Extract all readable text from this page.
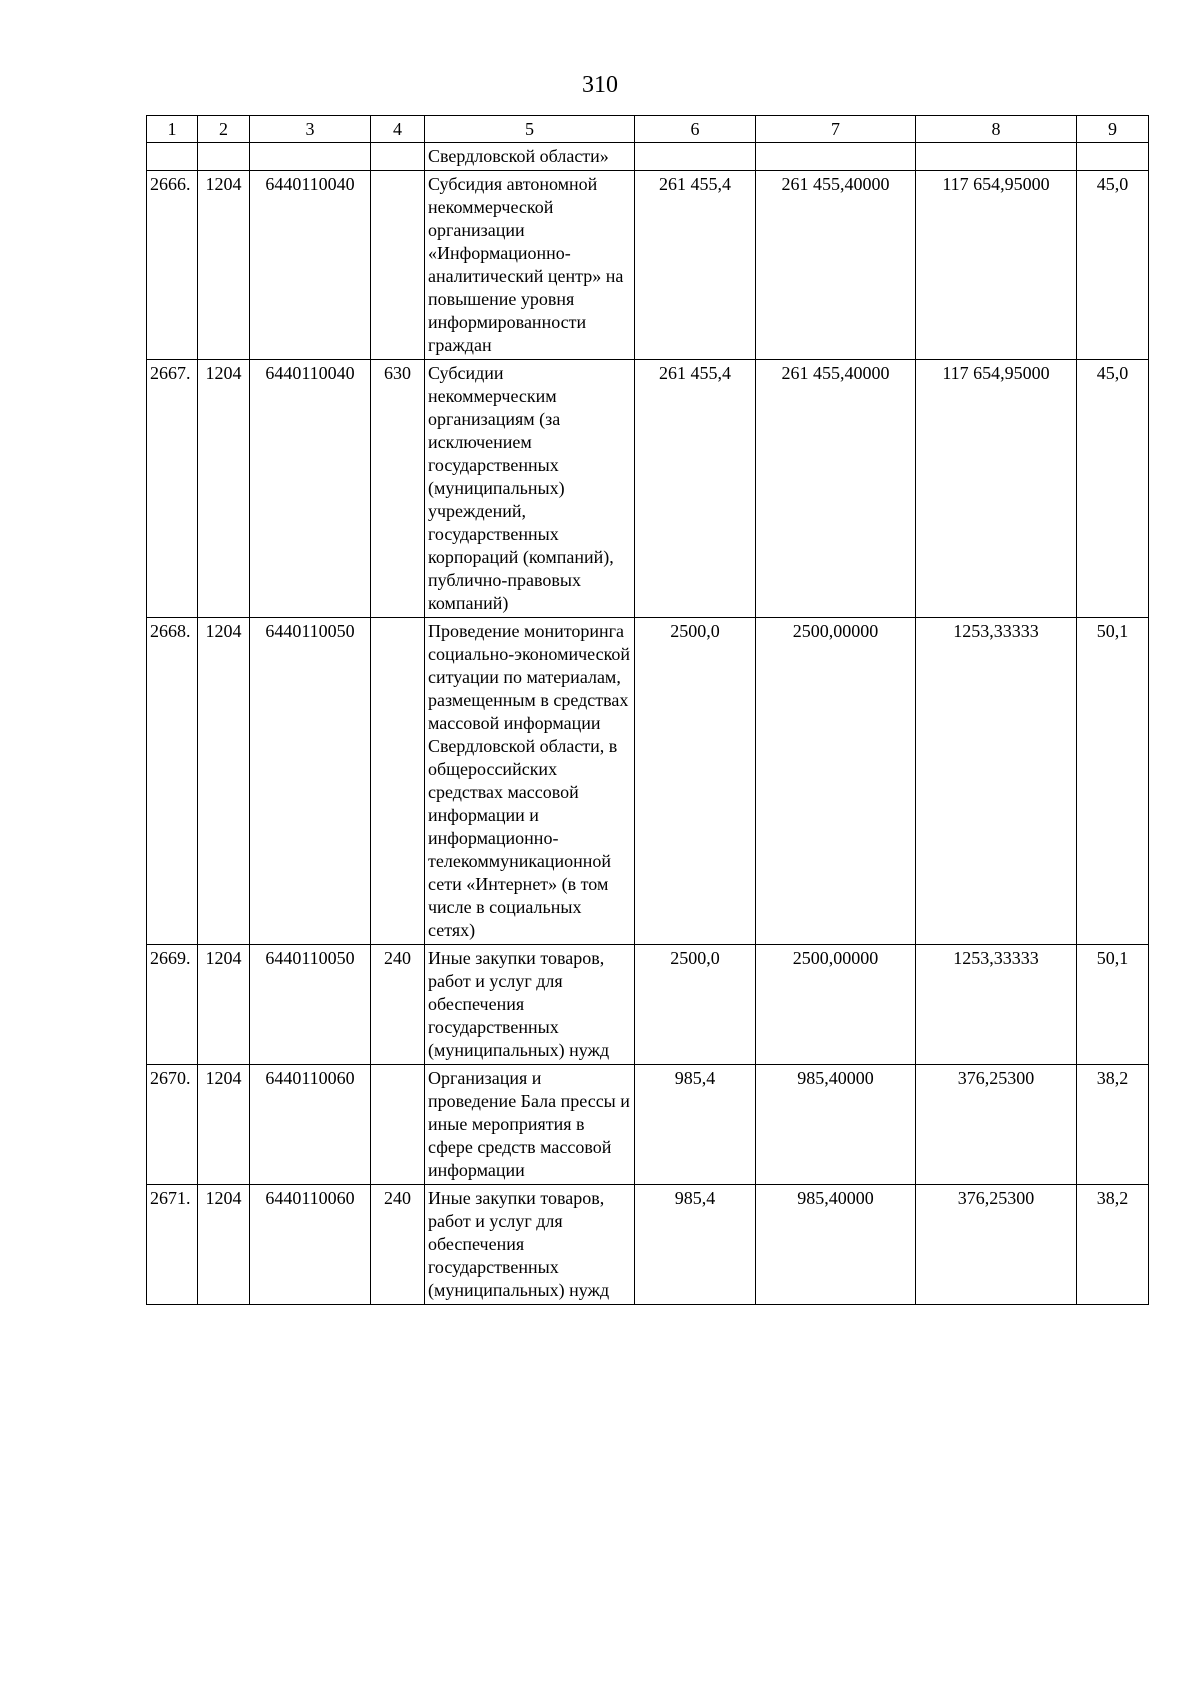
310
1	2	3	4	5	6	7	8	9
				Свердловской области»				
2666.	1204	6440110040		Субсидия автономной некоммерческой организации «Информационно-аналитический центр» на повышение уровня информированности граждан	261 455,4	261 455,40000	117 654,95000	45,0
2667.	1204	6440110040	630	Субсидии некоммерческим организациям (за исключением государственных (муниципальных) учреждений, государственных корпораций (компаний), публично-правовых компаний)	261 455,4	261 455,40000	117 654,95000	45,0
2668.	1204	6440110050		Проведение мониторинга социально-экономической ситуации по материалам, размещенным в средствах массовой информации Свердловской области, в общероссийских средствах массовой информации и информационно-телекоммуникационной сети «Интернет» (в том числе в социальных сетях)	2500,0	2500,00000	1253,33333	50,1
2669.	1204	6440110050	240	Иные закупки товаров, работ и услуг для обеспечения государственных (муниципальных) нужд	2500,0	2500,00000	1253,33333	50,1
2670.	1204	6440110060		Организация и проведение Бала прессы и иные мероприятия в сфере средств массовой информации	985,4	985,40000	376,25300	38,2
2671.	1204	6440110060	240	Иные закупки товаров, работ и услуг для обеспечения государственных (муниципальных) нужд	985,4	985,40000	376,25300	38,2
